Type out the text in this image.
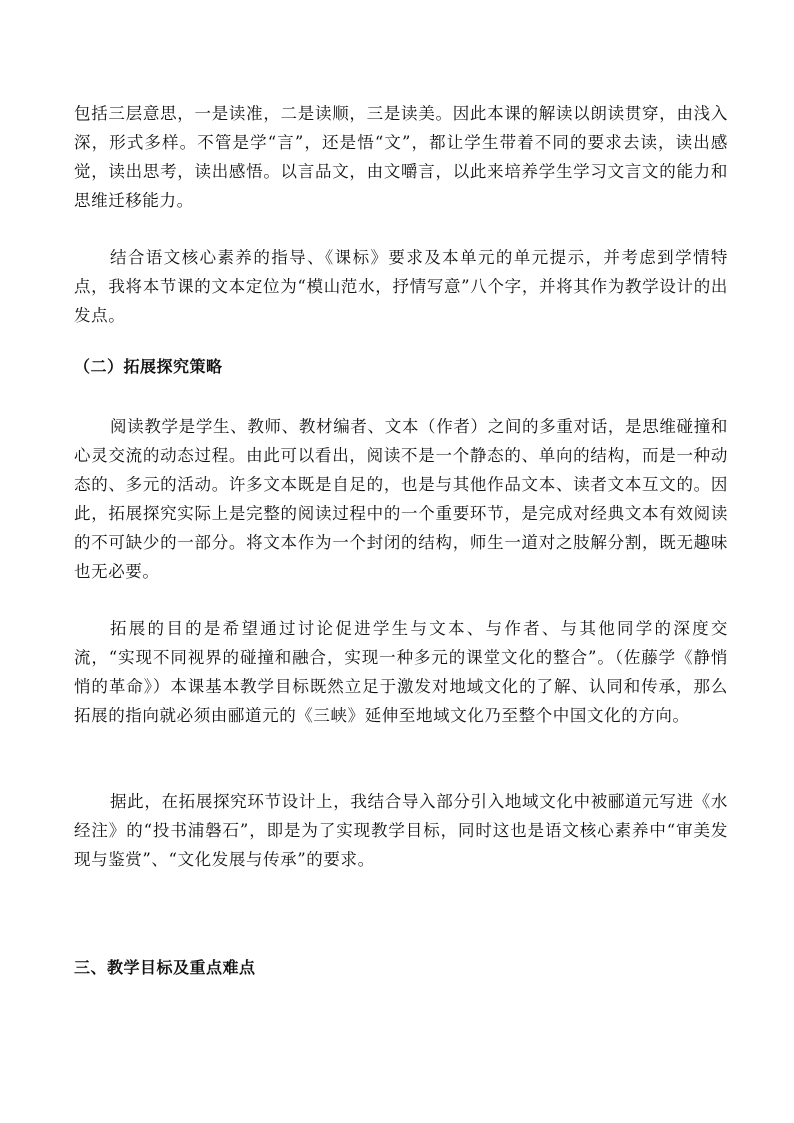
包括三层意思，一是读准，二是读顺，三是读美。因此本课的解读以朗读贯穿，由浅入深，形式多样。不管是学“言”，还是悟“文”，都让学生带着不同的要求去读，读出感觉，读出思考，读出感悟。以言品文，由文嚼言，以此来培养学生学习文言文的能力和思维迁移能力。

结合语文核心素养的指导、《课标》要求及本单元的单元提示，并考虑到学情特点，我将本节课的文本定位为“模山范水，抒情写意”八个字，并将其作为教学设计的出发点。

（二）拓展探究策略

阅读教学是学生、教师、教材编者、文本（作者）之间的多重对话，是思维碰撞和心灵交流的动态过程。由此可以看出，阅读不是一个静态的、单向的结构，而是一种动态的、多元的活动。许多文本既是自足的，也是与其他作品文本、读者文本互文的。因此，拓展探究实际上是完整的阅读过程中的一个重要环节，是完成对经典文本有效阅读的不可缺少的一部分。将文本作为一个封闭的结构，师生一道对之肢解分割，既无趣味也无必要。

拓展的目的是希望通过讨论促进学生与文本、与作者、与其他同学的深度交流，“实现不同视界的碰撞和融合，实现一种多元的课堂文化的整合”。（佐藤学《静悄悄的革命》）本课基本教学目标既然立足于激发对地域文化的了解、认同和传承，那么拓展的指向就必须由郦道元的《三峡》延伸至地域文化乃至整个中国文化的方向。

据此，在拓展探究环节设计上，我结合导入部分引入地域文化中被郦道元写进《水经注》的“投书浦磐石”，即是为了实现教学目标，同时这也是语文核心素养中“审美发现与鉴赏”、“文化发展与传承”的要求。

三、教学目标及重点难点
